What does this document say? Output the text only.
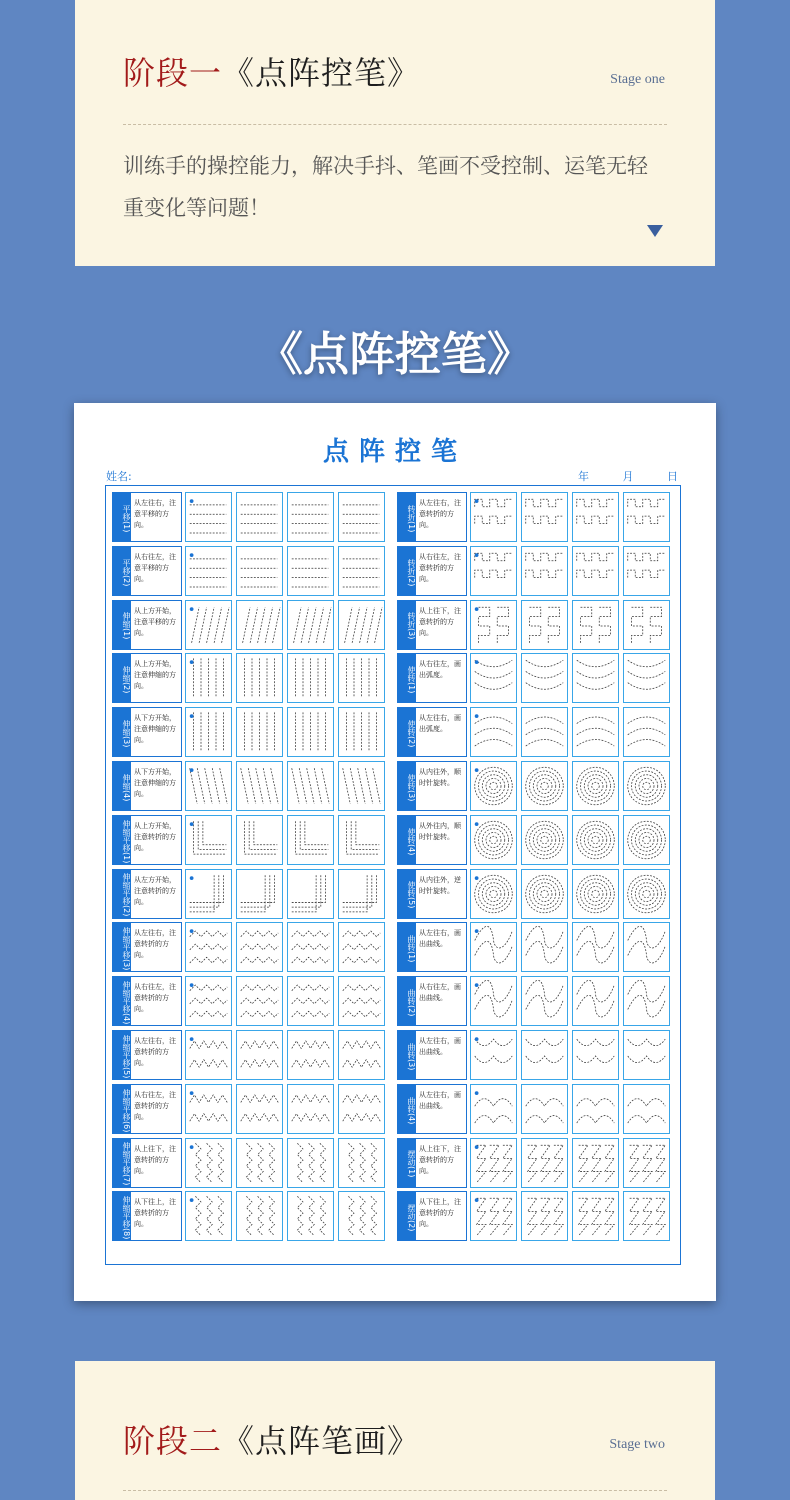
阶段一《点阵控笔》	Stage one
训练手的操控能力，解决手抖、笔画不受控制、运笔无轻重变化等问题！
《点阵控笔》
点阵控笔
姓名:	年 月 日
平移(1)
从左往右，注意平移的方向。
平移(2)
从右往左，注意平移的方向。
伸缩(1)
从上方开始，注意平移的方向。
伸缩(2)
从上方开始，注意伸缩的方向。
伸缩(3)
从下方开始，注意伸缩的方向。
伸缩(4)
从下方开始，注意伸缩的方向。
伸缩平移(1) 从上方开始，注意转折的方向。
伸缩平移(2) 从左方开始，注意转折的方向。
伸缩平移(3) 从左往右，注意转折的方向。
伸缩平移(4) 从右往左，注意转折的方向。
伸缩平移(5) 从左往右，注意转折的方向。
伸缩平移(6) 从右往左，注意转折的方向。
伸缩平移(7) 从上往下，注意转折的方向。
伸缩平移(8) 从下往上，注意转折的方向。
转折(1)
从左往右，注意转折的方向。
转折(2)
从右往左，注意转折的方向。
转折(3)
从上往下，注意转折的方向。
使转(1)
从右往左，画出弧度。
使转(2)
从左往右，画出弧度。
使转(3)
从内往外，顺时针旋转。
使转(4)
从外往内，顺时针旋转。
使转(5)
从内往外，逆时针旋转。
曲转(1)
从左往右，画出曲线。
曲转(2)
从右往左，画出曲线。
曲转(3)
从左往右，画出曲线。
曲转(4)
从左往右，画出曲线。
摆动(1)
从上往下，注意转折的方向。
摆动(2)
从下往上，注意转折的方向。
阶段二《点阵笔画》	Stage two
